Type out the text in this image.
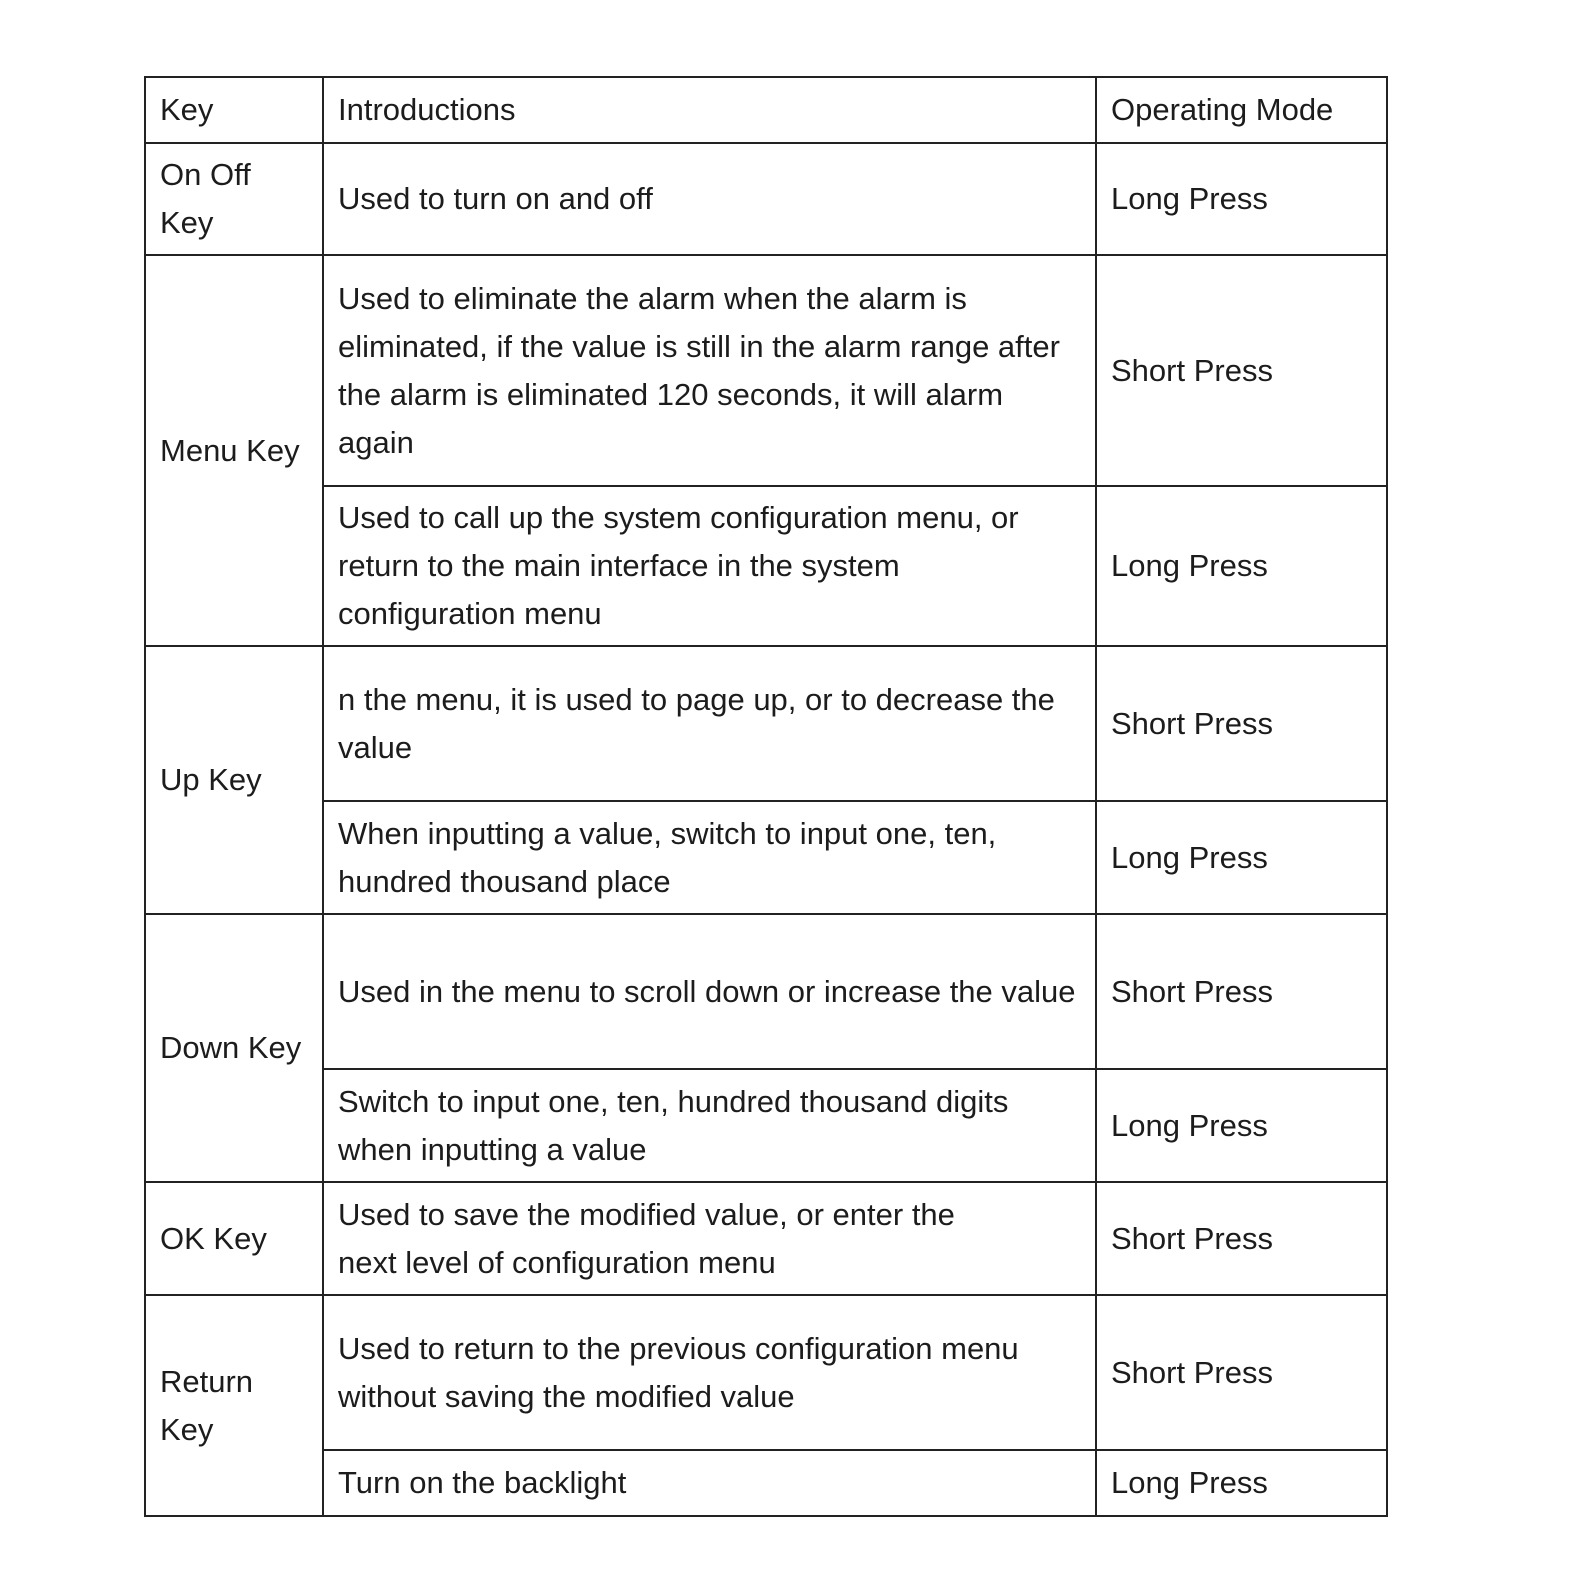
Key	Introductions	Operating Mode
On Off Key	Used to turn on and off	Long Press
Menu Key	Used to eliminate the alarm when the alarm is eliminated, if the value is still in the alarm range after the alarm is eliminated 120 seconds, it will alarm again	Short Press
	Used to call up the system configuration menu, or return to the main interface in the system configuration menu	Long Press
Up Key	n the menu, it is used to page up, or to decrease the value	Short Press
	When inputting a value, switch to input one, ten, hundred thousand place	Long Press
Down Key	Used in the menu to scroll down or increase the value	Short Press
	Switch to input one, ten, hundred thousand digits when inputting a value	Long Press
OK Key	Used to save the modified value, or enter the next level of configuration menu	Short Press
Return Key	Used to return to the previous configuration menu without saving the modified value	Short Press
	Turn on the backlight	Long Press
